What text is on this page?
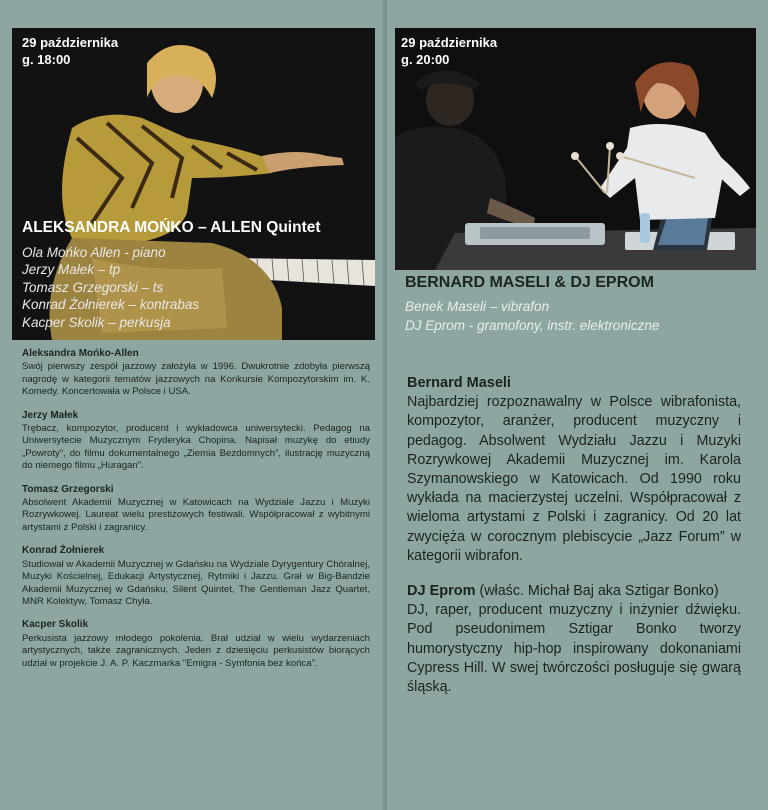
29 października
g. 18:00
ALEKSANDRA MOŃKO – ALLEN Quintet
Ola Mońko Allen - piano
Jerzy Małek – tp
Tomasz Grzegorski – ts
Konrad Żołnierek – kontrabas
Kacper Skolik – perkusja
Aleksandra Mońko-Allen
Swój pierwszy zespół jazzowy założyła w 1996. Dwukrotnie zdobyła pierwszą nagrodę w kategorii tematów jazzowych na Konkursie Kompozytorskim im. K. Komedy. Koncertowała w Polsce i USA.
Jerzy Małek
Trębacz, kompozytor, producent i wykładowca uniwersytecki. Pedagog na Uniwersytecie Muzycznym Fryderyka Chopina. Napisał muzykę do etiudy „Powroty”, do filmu dokumentalnego „Ziemia Bezdomnych”, ilustrację muzyczną do niemego filmu „Huragan”.
Tomasz Grzegorski
Absolwent Akademii Muzycznej w Katowicach na Wydziale Jazzu i Muzyki Rozrywkowej. Laureat wielu prestiżowych festiwali. Współpracował z wybitnymi artystami z Polski i zagranicy.
Konrad Żołnierek
Studiował w Akademii Muzycznej w Gdańsku na Wydziale Dyrygentury Chóralnej, Muzyki Kościelnej, Edukacji Artystycznej, Rytmiki i Jazzu. Grał w Big-Bandzie Akademii Muzycznej w Gdańsku, Silent Quintet, The Gentleman Jazz Quartet, MNR Kolektyw, Tomasz Chyła.
Kacper Skolik
Perkusista jazzowy młodego pokolenia. Brał udział w wielu wydarzeniach artystycznych, także zagranicznych. Jeden z dziesięciu perkusistów biorących udział w projekcie J. A. P. Kaczmarka "Emigra - Symfonia bez końca".
29 października
g. 20:00
BERNARD MASELI & DJ EPROM
Benek Maseli – vibrafon
DJ Eprom - gramofony, instr. elektroniczne
Bernard Maseli
Najbardziej rozpoznawalny w Polsce wibrafonista, kompozytor, aranżer, producent muzyczny i pedagog. Absolwent Wydziału Jazzu i Muzyki Rozrywkowej Akademii Muzycznej im. Karola Szymanowskiego w Katowicach. Od 1990 roku wykłada na macierzystej uczelni. Współpracował z wieloma artystami z Polski i zagranicy. Od 20 lat zwycięża w corocznym plebiscycie „Jazz Forum” w kategorii wibrafon.
DJ Eprom (właśc. Michał Baj aka Sztigar Bonko)
DJ, raper, producent muzyczny i inżynier dźwięku. Pod pseudonimem Sztigar Bonko tworzy humorystyczny hip-hop inspirowany dokonaniami Cypress Hill. W swej twórczości posługuje się gwarą śląską.
